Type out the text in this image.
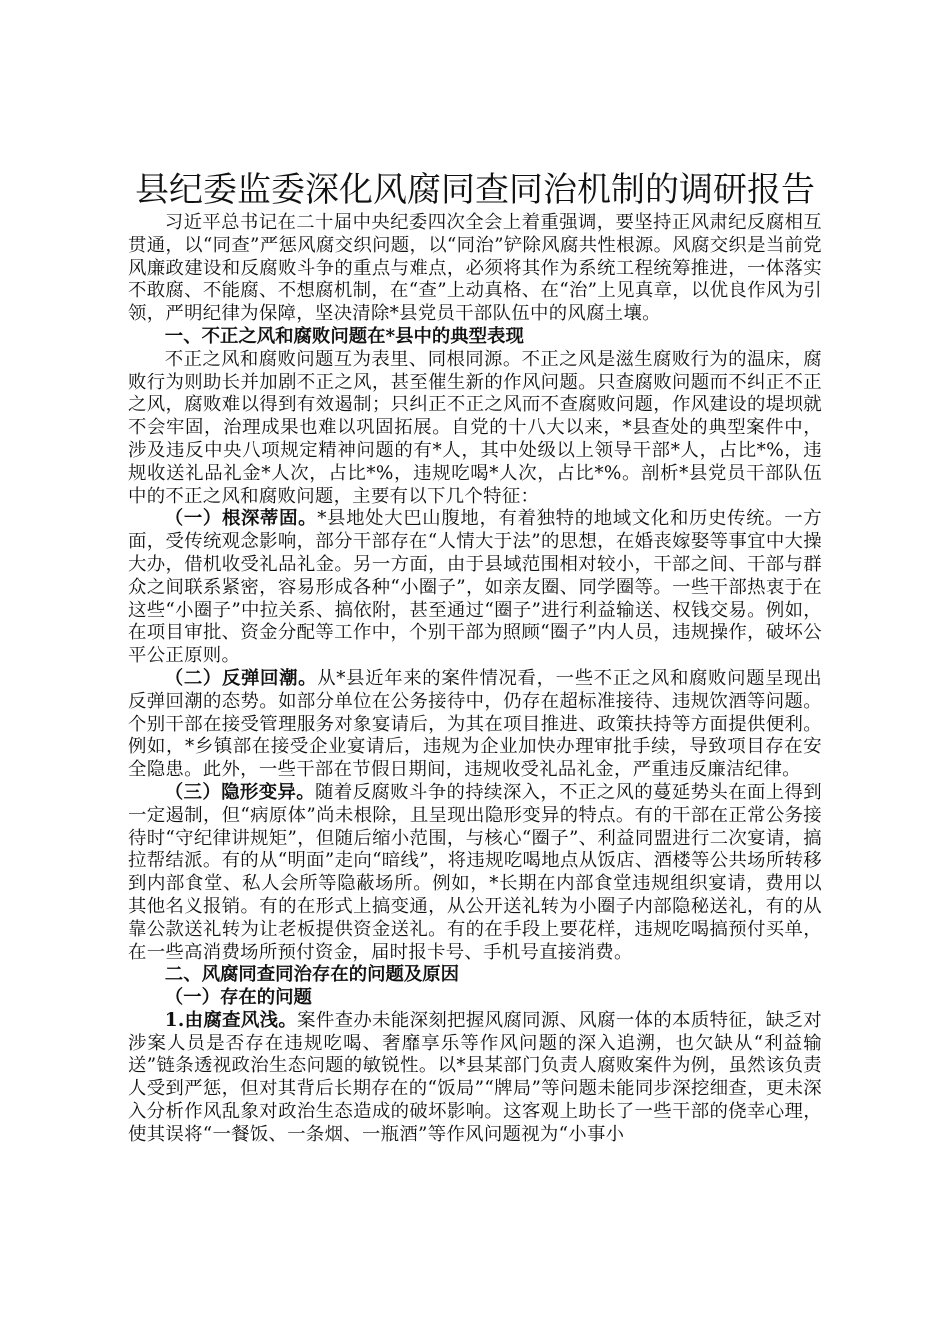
县纪委监委深化风腐同查同治机制的调研报告

习近平总书记在二十届中央纪委四次全会上着重强调，要坚持正风肃纪反腐相互贯通，以“同查”严惩风腐交织问题，以“同治”铲除风腐共性根源。风腐交织是当前党风廉政建设和反腐败斗争的重点与难点，必须将其作为系统工程统筹推进，一体落实不敢腐、不能腐、不想腐机制，在“查”上动真格、在“治”上见真章，以优良作风为引领，严明纪律为保障，坚决清除*县党员干部队伍中的风腐土壤。

一、不正之风和腐败问题在*县中的典型表现

不正之风和腐败问题互为表里、同根同源。不正之风是滋生腐败行为的温床，腐败行为则助长并加剧不正之风，甚至催生新的作风问题。只查腐败问题而不纠正不正之风，腐败难以得到有效遏制；只纠正不正之风而不查腐败问题，作风建设的堤坝就不会牢固，治理成果也难以巩固拓展。自党的十八大以来，*县查处的典型案件中，涉及违反中央八项规定精神问题的有*人，其中处级以上领导干部*人，占比*%，违规收送礼品礼金*人次，占比*%，违规吃喝*人次，占比*%。剖析*县党员干部队伍中的不正之风和腐败问题，主要有以下几个特征：

（一）根深蒂固。*县地处大巴山腹地，有着独特的地域文化和历史传统。一方面，受传统观念影响，部分干部存在“人情大于法”的思想，在婚丧嫁娶等事宜中大操大办，借机收受礼品礼金。另一方面，由于县域范围相对较小，干部之间、干部与群众之间联系紧密，容易形成各种“小圈子”，如亲友圈、同学圈等。一些干部热衷于在这些“小圈子”中拉关系、搞依附，甚至通过“圈子”进行利益输送、权钱交易。例如，在项目审批、资金分配等工作中，个别干部为照顾“圈子”内人员，违规操作，破坏公平公正原则。

（二）反弹回潮。从*县近年来的案件情况看，一些不正之风和腐败问题呈现出反弹回潮的态势。如部分单位在公务接待中，仍存在超标准接待、违规饮酒等问题。个别干部在接受管理服务对象宴请后，为其在项目推进、政策扶持等方面提供便利。例如，*乡镇部在接受企业宴请后，违规为企业加快办理审批手续，导致项目存在安全隐患。此外，一些干部在节假日期间，违规收受礼品礼金，严重违反廉洁纪律。

（三）隐形变异。随着反腐败斗争的持续深入，不正之风的蔓延势头在面上得到一定遏制，但“病原体”尚未根除，且呈现出隐形变异的特点。有的干部在正常公务接待时“守纪律讲规矩”，但随后缩小范围，与核心“圈子”、利益同盟进行二次宴请，搞拉帮结派。有的从“明面”走向“暗线”，将违规吃喝地点从饭店、酒楼等公共场所转移到内部食堂、私人会所等隐蔽场所。例如，*长期在内部食堂违规组织宴请，费用以其他名义报销。有的在形式上搞变通，从公开送礼转为小圈子内部隐秘送礼，有的从靠公款送礼转为让老板提供资金送礼。有的在手段上要花样，违规吃喝搞预付买单，在一些高消费场所预付资金，届时报卡号、手机号直接消费。

二、风腐同查同治存在的问题及原因

（一）存在的问题

1.由腐查风浅。案件查办未能深刻把握风腐同源、风腐一体的本质特征，缺乏对涉案人员是否存在违规吃喝、奢靡享乐等作风问题的深入追溯，也欠缺从“利益输送”链条透视政治生态问题的敏锐性。以*县某部门负责人腐败案件为例，虽然该负责人受到严惩，但对其背后长期存在的“饭局”“牌局”等问题未能同步深挖细查，更未深入分析作风乱象对政治生态造成的破坏影响。这客观上助长了一些干部的侥幸心理，使其误将“一餐饭、一条烟、一瓶酒”等作风问题视为“小事小
